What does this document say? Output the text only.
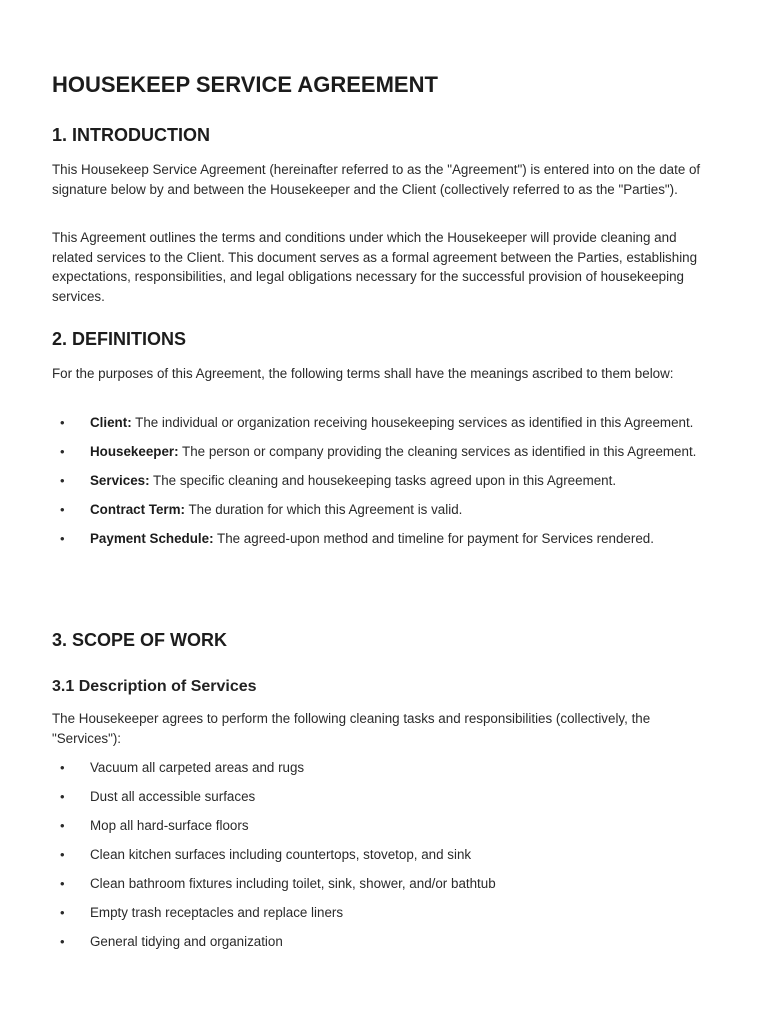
HOUSEKEEP SERVICE AGREEMENT
1. INTRODUCTION

This Housekeep Service Agreement (hereinafter referred to as the "Agreement") is entered into on the date of signature below by and between the Housekeeper and the Client (collectively referred to as the "Parties").

This Agreement outlines the terms and conditions under which the Housekeeper will provide cleaning and related services to the Client. This document serves as a formal agreement between the Parties, establishing expectations, responsibilities, and legal obligations necessary for the successful provision of housekeeping services.

2. DEFINITIONS

For the purposes of this Agreement, the following terms shall have the meanings ascribed to them below:

• Client: The individual or organization receiving housekeeping services as identified in this Agreement.
• Housekeeper: The person or company providing the cleaning services as identified in this Agreement.
• Services: The specific cleaning and housekeeping tasks agreed upon in this Agreement.
• Contract Term: The duration for which this Agreement is valid.
• Payment Schedule: The agreed-upon method and timeline for payment for Services rendered.
3. SCOPE OF WORK
3.1 Description of Services

The Housekeeper agrees to perform the following cleaning tasks and responsibilities (collectively, the "Services"):

• Vacuum all carpeted areas and rugs
• Dust all accessible surfaces
• Mop all hard-surface floors
• Clean kitchen surfaces including countertops, stovetop, and sink
• Clean bathroom fixtures including toilet, sink, shower, and/or bathtub
• Empty trash receptacles and replace liners
• General tidying and organization
